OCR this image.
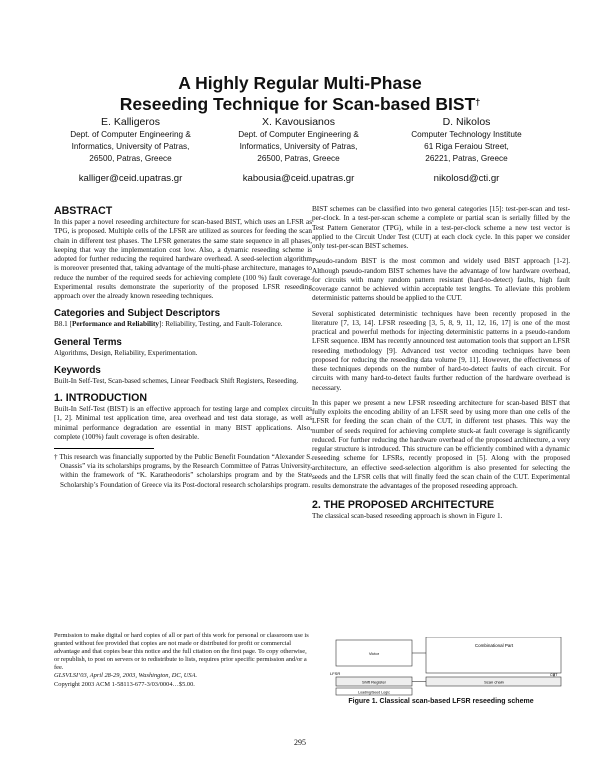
A Highly Regular Multi-Phase
Reseeding Technique for Scan-based BIST†
E. Kalligeros
Dept. of Computer Engineering &
Informatics, University of Patras,
26500, Patras, Greece
kalliger@ceid.upatras.gr
X. Kavousianos
Dept. of Computer Engineering &
Informatics, University of Patras,
26500, Patras, Greece
kabousia@ceid.upatras.gr
D. Nikolos
Computer Technology Institute
61 Riga Feraiou Street,
26221, Patras, Greece
nikolosd@cti.gr
ABSTRACT

In this paper a novel reseeding architecture for scan-based BIST, which uses an LFSR as TPG, is proposed. Multiple cells of the LFSR are utilized as sources for feeding the scan chain in different test phases. The LFSR generates the same state sequence in all phases, keeping that way the implementation cost low. Also, a dynamic reseeding scheme is adopted for further reducing the required hardware overhead. A seed-selection algorithm is moreover presented that, taking advantage of the multi-phase architecture, manages to reduce the number of the required seeds for achieving complete (100 %) fault coverage. Experimental results demonstrate the superiority of the proposed LFSR reseeding approach over the already known reseeding techniques.

Categories and Subject Descriptors

B8.1 [Performance and Reliability]: Reliability, Testing, and Fault-Tolerance.

General Terms

Algorithms, Design, Reliability, Experimentation.

Keywords

Built-In Self-Test, Scan-based schemes, Linear Feedback Shift Registers, Reseeding.

1. INTRODUCTION

Built-In Self-Test (BIST) is an effective approach for testing large and complex circuits [1, 2]. Minimal test application time, area overhead and test data storage, as well as minimal performance degradation are essential in many BIST applications. Also, complete (100%) fault coverage is often desirable.

† This research was financially supported by the Public Benefit Foundation “Alexander S. Onassis” via its scholarships programs, by the Research Committee of Patras University, within the framework of “K. Karatheodoris” scholarships program and by the State Scholarship’s Foundation of Greece via its Post-doctoral research scholarships program.

Permission to make digital or hard copies of all or part of this work for personal or classroom use is granted without fee provided that copies are not made or distributed for profit or commercial advantage and that copies bear this notice and the full citation on the first page. To copy otherwise, or republish, to post on servers or to redistribute to lists, requires prior specific permission and/or a fee.
GLSVLSI’03, April 28-29, 2003, Washington, DC, USA.
Copyright 2003 ACM 1-58113-677-3/03/0004…$5.00.

BIST schemes can be classified into two general categories [15]: test-per-scan and test-per-clock. In a test-per-scan scheme a complete or partial scan is serially filled by the Test Pattern Generator (TPG), while in a test-per-clock scheme a new test vector is applied to the Circuit Under Test (CUT) at each clock cycle. In this paper we consider only test-per-scan BIST schemes.

Pseudo-random BIST is the most common and widely used BIST approach [1-2]. Although pseudo-random BIST schemes have the advantage of low hardware overhead, for circuits with many random pattern resistant (hard-to-detect) faults, high fault coverage cannot be achieved within acceptable test lengths. To alleviate this problem deterministic patterns should be applied to the CUT.

Several sophisticated deterministic techniques have been recently proposed in the literature [7, 13, 14]. LFSR reseeding [3, 5, 8, 9, 11, 12, 16, 17] is one of the most practical and powerful methods for injecting deterministic patterns in a pseudo-random LFSR sequence. IBM has recently announced test automation tools that support an LFSR reseeding methodology [9]. Advanced test vector encoding techniques have been proposed for reducing the reseeding data volume [9, 11]. However, the effectiveness of these techniques depends on the number of hard-to-detect faults of each circuit. For circuits with many hard-to-detect faults further reduction of the hardware overhead is necessary.

In this paper we present a new LFSR reseeding architecture for scan-based BIST that fully exploits the encoding ability of an LFSR seed by using more than one cells of the LFSR for feeding the scan chain of the CUT, in different test phases. This way the number of seeds required for achieving complete stuck-at fault coverage is significantly reduced. For further reducing the hardware overhead of the proposed architecture, a very regular structure is introduced. This structure can be efficiently combined with a dynamic reseeding scheme for LFSRs, recently proposed in [5]. Along with the proposed architecture, an effective seed-selection algorithm is also presented for selecting the seeds and the LFSR cells that will finally feed the scan chain of the CUT. Experimental results demonstrate the advantages of the proposed reseeding approach.

2. THE PROPOSED ARCHITECTURE

The classical scan-based reseeding approach is shown in Figure 1.

Victor
Combinational Part
LFSR
Shift Register
Loading/Seed Logic
Scan chain
CUT
Figure 1. Classical scan-based LFSR reseeding scheme
295
